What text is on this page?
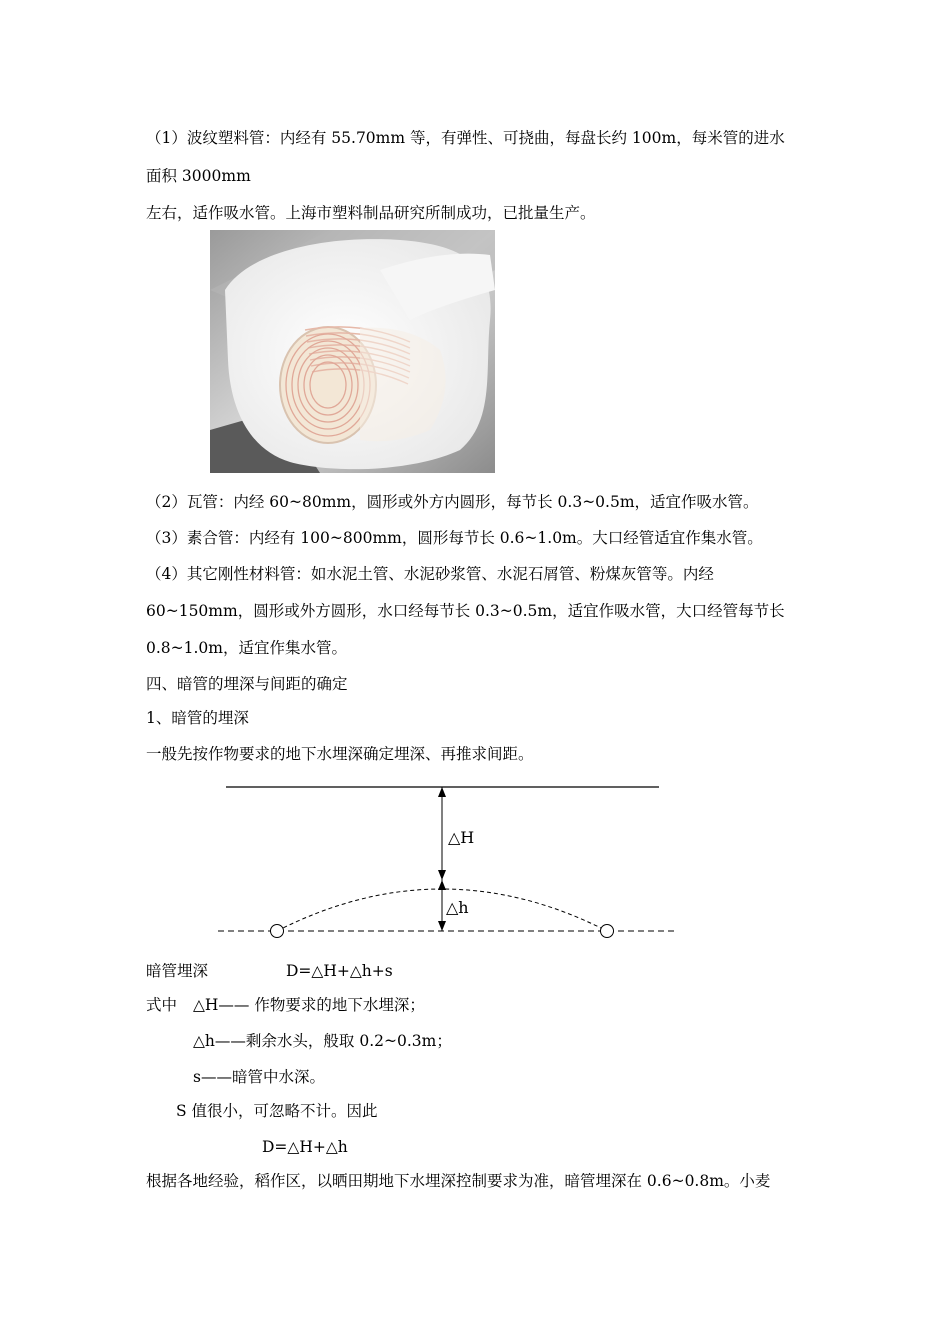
（1）波纹塑料管：内经有 55.70mm 等，有弹性、可挠曲，每盘长约 100m，每米管的进水
面积 3000mm
左右，适作吸水管。上海市塑料制品研究所制成功，已批量生产。
（2）瓦管：内经 60~80mm，圆形或外方内圆形，每节长 0.3~0.5m，适宜作吸水管。
（3）素合管：内经有 100~800mm，圆形每节长 0.6~1.0m。大口经管适宜作集水管。
（4）其它刚性材料管：如水泥土管、水泥砂浆管、水泥石屑管、粉煤灰管等。内经
60~150mm，圆形或外方圆形，水口经每节长 0.3~0.5m，适宜作吸水管，大口经管每节长
0.8~1.0m，适宜作集水管。
四、暗管的埋深与间距的确定
1、暗管的埋深
一般先按作物要求的地下水埋深确定埋深、再推求间距。
△H
△h
暗管埋深	D=△H+△h+s
式中 △H—— 作物要求的地下水埋深；
△h——剩余水头，般取 0.2~0.3m；
s——暗管中水深。
S 值很小，可忽略不计。因此
D=△H+△h
根据各地经验，稻作区，以晒田期地下水埋深控制要求为准，暗管埋深在 0.6~0.8m。小麦
